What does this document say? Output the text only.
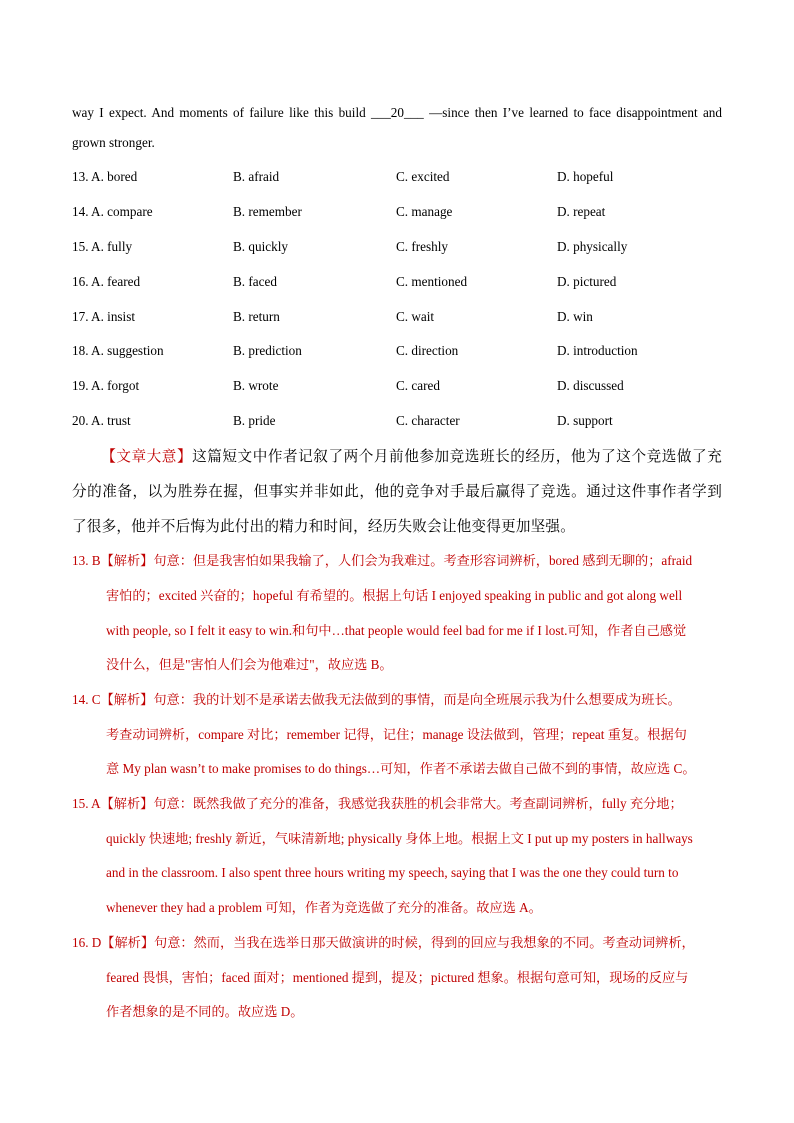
way I expect. And moments of failure like this build ___20___ —since then I’ve learned to face disappointment and grown stronger.
13. A. bored	B. afraid	C. excited	D. hopeful
14. A. compare	B. remember	C. manage	D. repeat
15. A. fully	B. quickly	C. freshly	D. physically
16. A. feared	B. faced	C. mentioned	D. pictured
17. A. insist	B. return	C. wait	D. win
18. A. suggestion	B. prediction	C. direction	D. introduction
19. A. forgot	B. wrote	C. cared	D. discussed
20. A. trust	B. pride	C. character	D. support
【文章大意】这篇短文中作者记叙了两个月前他参加竞选班长的经历，他为了这个竞选做了充分的准备，以为胜券在握，但事实并非如此，他的竞争对手最后赢得了竞选。通过这件事作者学到了很多，他并不后悔为此付出的精力和时间，经历失败会让他变得更加坚强。
13. B【解析】句意：但是我害怕如果我输了，人们会为我难过。考查形容词辨析，bored 感到无聊的；afraid
害怕的；excited 兴奋的；hopeful 有希望的。根据上句话 I enjoyed speaking in public and got along well
with people, so I felt it easy to win.和句中…that people would feel bad for me if I lost.可知，作者自己感觉
没什么，但是"害怕人们会为他难过"，故应选 B。
14. C【解析】句意：我的计划不是承诺去做我无法做到的事情，而是向全班展示我为什么想要成为班长。
考查动词辨析，compare 对比；remember 记得，记住；manage 设法做到，管理；repeat 重复。根据句
意 My plan wasn’t to make promises to do things…可知，作者不承诺去做自己做不到的事情，故应选 C。
15. A【解析】句意：既然我做了充分的准备，我感觉我获胜的机会非常大。考查副词辨析，fully 充分地；
quickly 快速地; freshly 新近，气味清新地; physically 身体上地。根据上文 I put up my posters in hallways
and in the classroom. I also spent three hours writing my speech, saying that I was the one they could turn to
whenever they had a problem 可知，作者为竞选做了充分的准备。故应选 A。
16. D【解析】句意：然而，当我在选举日那天做演讲的时候，得到的回应与我想象的不同。考查动词辨析，
feared 畏惧，害怕；faced 面对；mentioned 提到，提及；pictured 想象。根据句意可知，现场的反应与
作者想象的是不同的。故应选 D。
